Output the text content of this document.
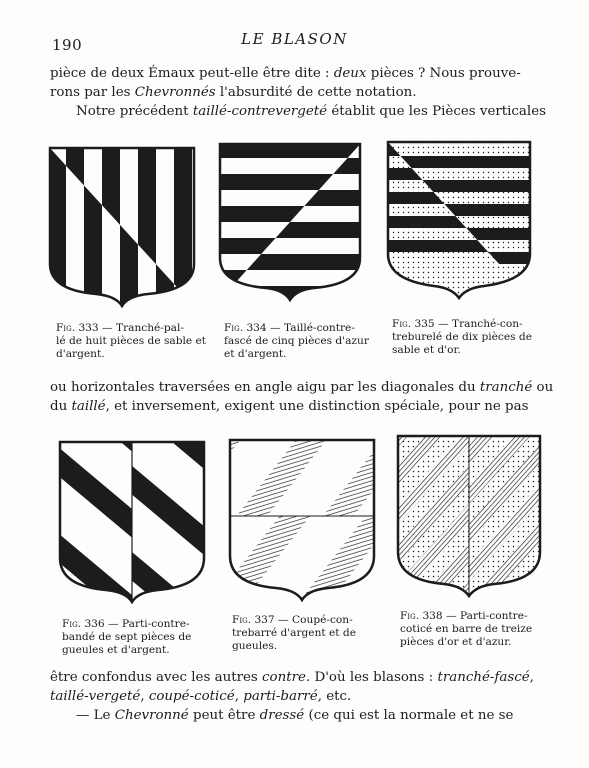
190	LE BLASON

pièce de deux Émaux peut-elle être dite : deux pièces ? Nous prouve-
rons par les Chevronnés l'absurdité de cette notation.
Notre précédent taillé-contrevergeté établit que les Pièces verticales

Fig. 333 — Tranché-pal-
lé de huit pièces de sable et
d'argent.

Fig. 334 — Taillé-contre-
fascé de cinq pièces d'azur
et d'argent.

Fig. 335 — Tranché-con-
treburelé de dix pièces de
sable et d'or.

ou horizontales traversées en angle aigu par les diagonales du tranché ou
du taillé, et inversement, exigent une distinction spéciale, pour ne pas

Fig. 336 — Parti-contre-
bandé de sept pièces de
gueules et d'argent.

Fig. 337 — Coupé-con-
trebarré d'argent et de
gueules.

Fig. 338 — Parti-contre-
coticé en barre de treize
pièces d'or et d'azur.

être confondus avec les autres contre. D'où les blasons : tranché-fascé,
taillé-vergeté, coupé-coticé, parti-barré, etc.
— Le Chevronné peut être dressé (ce qui est la normale et ne se
